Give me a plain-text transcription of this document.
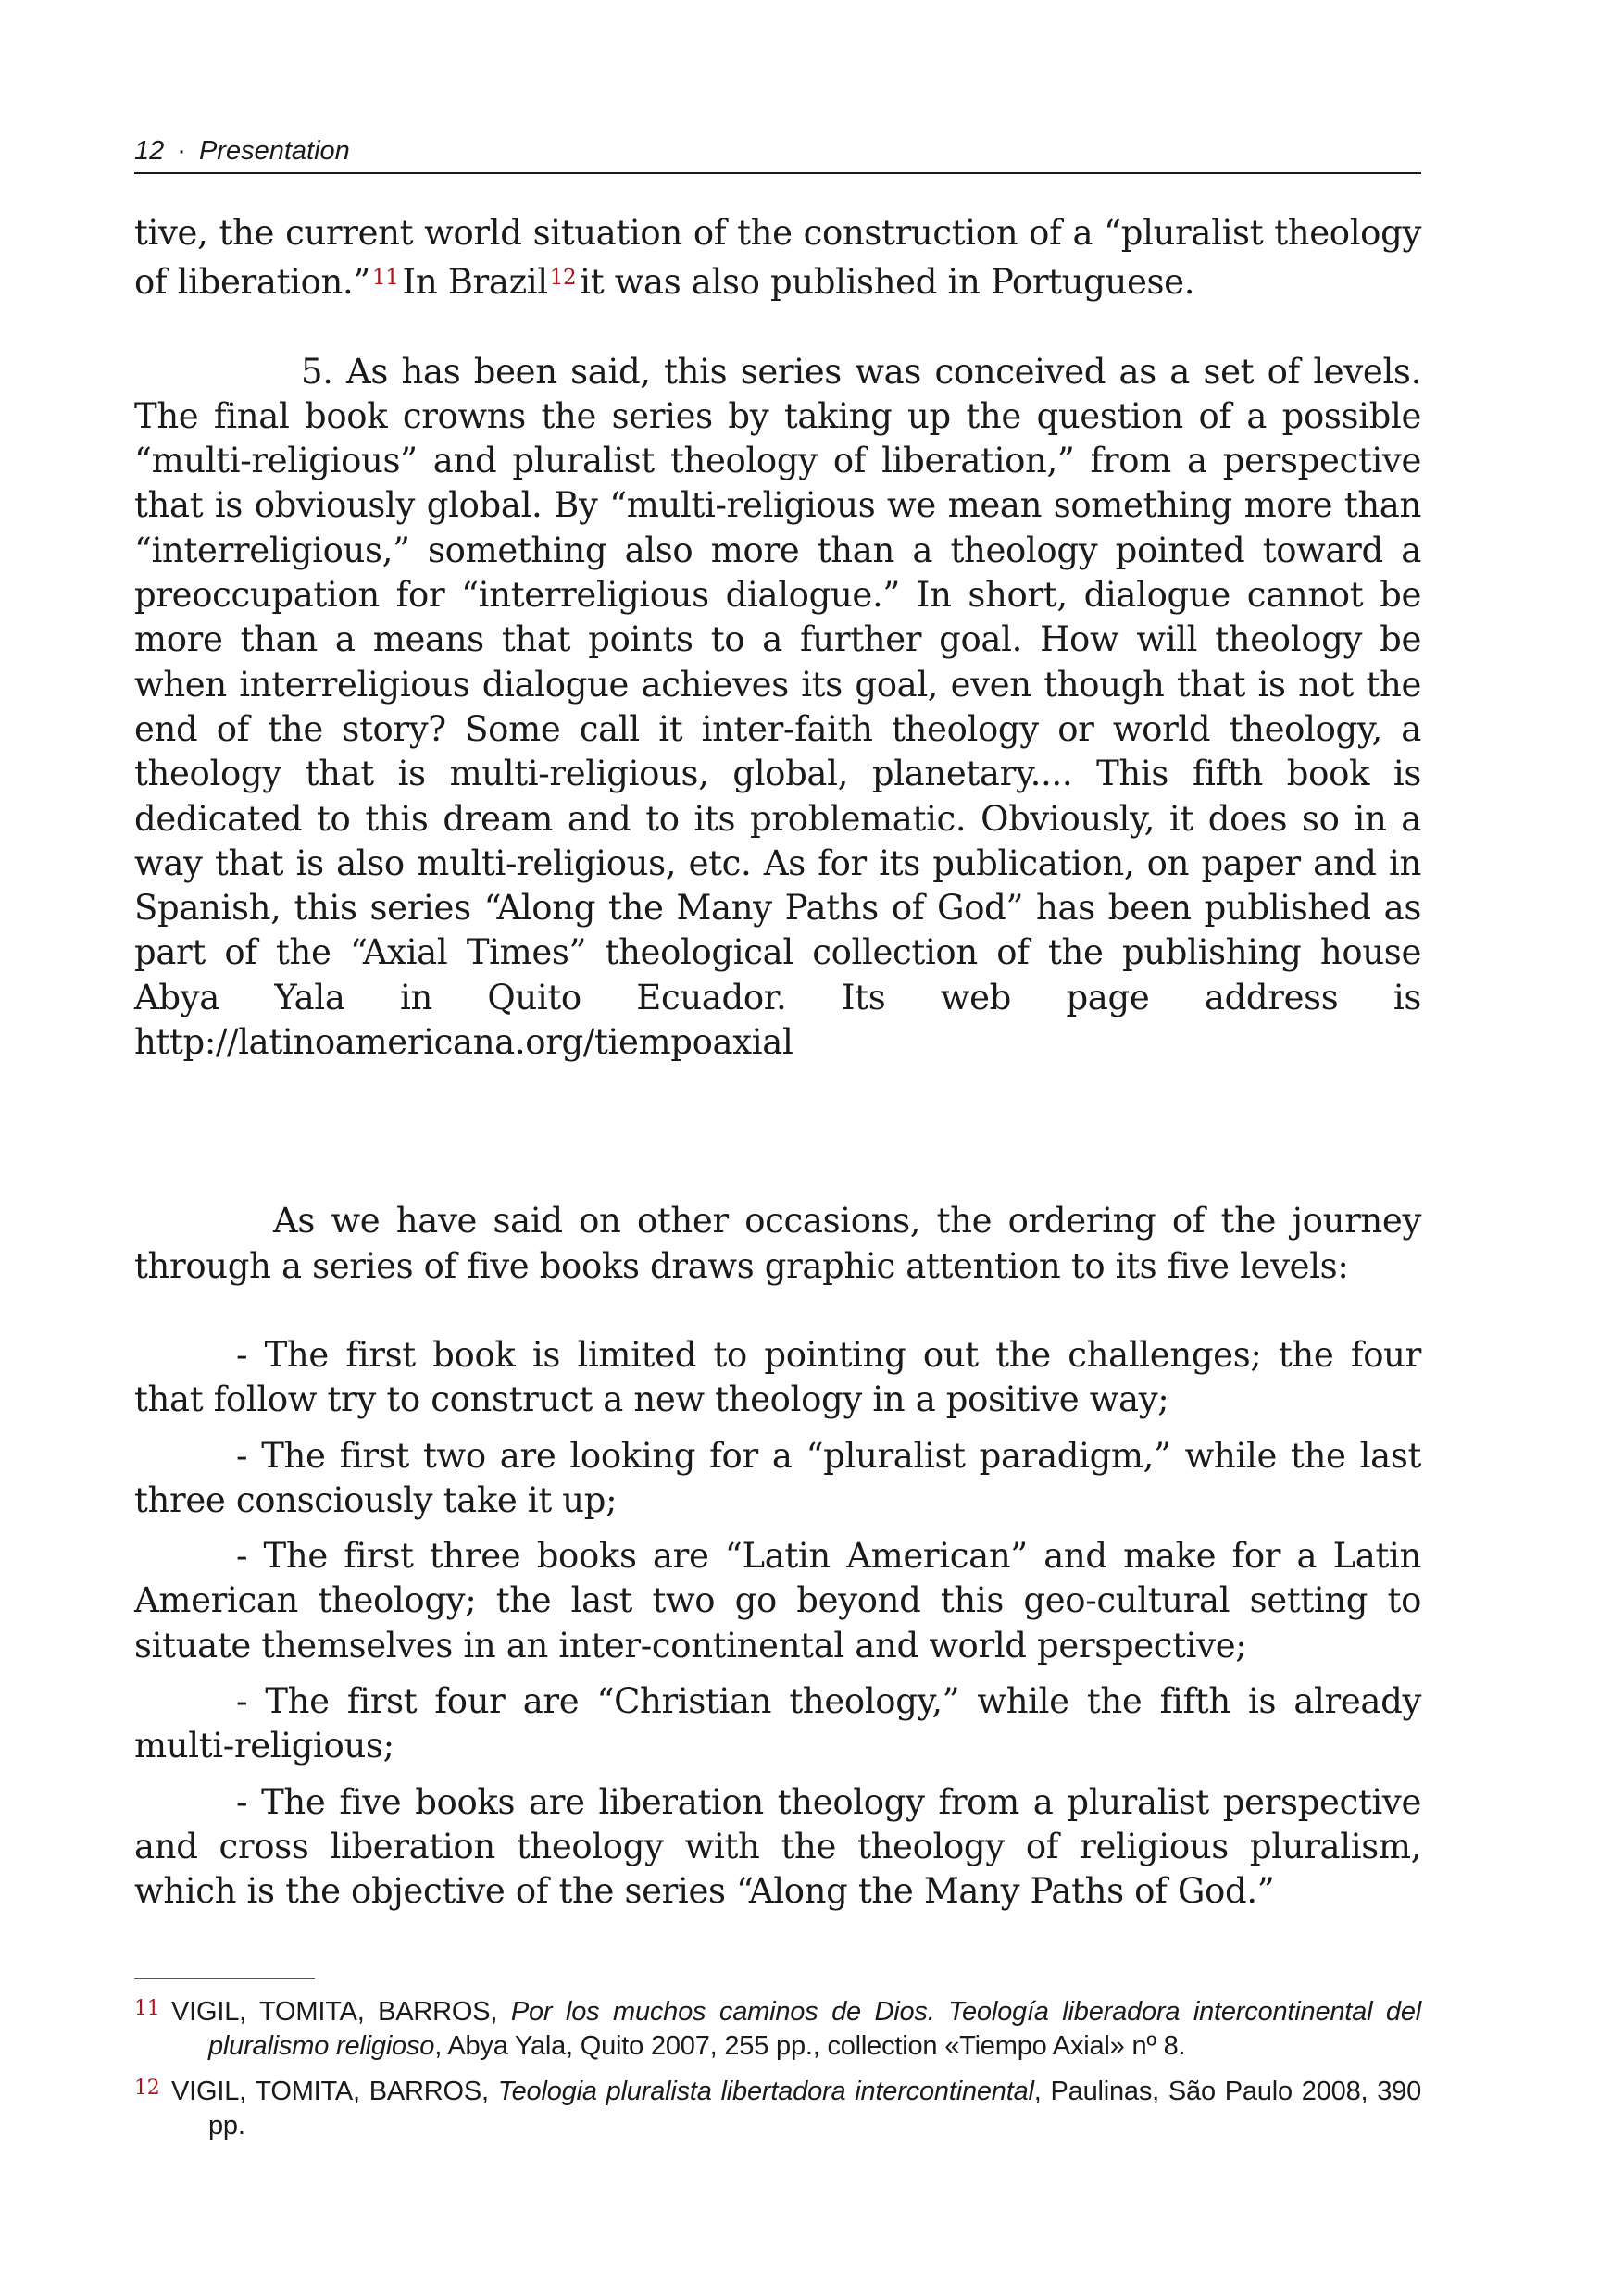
12 · Presentation

tive, the current world situation of the construction of a “pluralist theology of liberation.”$^{11}$ In Brazil$^{12}$ it was also published in Portuguese.

5. As has been said, this series was conceived as a set of levels. The final book crowns the series by taking up the question of a possible “multi-religious” and pluralist theology of liberation,” from a perspective that is obviously global. By “multi-religious we mean something more than “interreligious,” something also more than a theology pointed toward a preoccupation for “interreligious dialogue.” In short, dialogue cannot be more than a means that points to a further goal. How will theology be when interreligious dialogue achieves its goal, even though that is not the end of the story? Some call it inter-faith theology or world theology, a theology that is multi-religious, global, planetary.... This fifth book is dedicated to this dream and to its problematic. Obviously, it does so in a way that is also multi-religious, etc. As for its publication, on paper and in Spanish, this series “Along the Many Paths of God” has been published as part of the “Axial Times” theological collection of the publishing house Abya Yala in Quito Ecuador. Its web page address is http://latinoamericana.org/tiempoaxial

As we have said on other occasions, the ordering of the journey through a series of five books draws graphic attention to its five levels:

- The first book is limited to pointing out the challenges; the four that follow try to construct a new theology in a positive way;

- The first two are looking for a “pluralist paradigm,” while the last three consciously take it up;

- The first three books are “Latin American” and make for a Latin American theology; the last two go beyond this geo-cultural setting to situate themselves in an inter-continental and world perspective;

- The first four are “Christian theology,” while the fifth is already multi-religious;

- The five books are liberation theology from a pluralist perspective and cross liberation theology with the theology of religious pluralism, which is the objective of the series “Along the Many Paths of God.”

11 VIGIL, TOMITA, BARROS, Por los muchos caminos de Dios. Teología liberadora intercontinental del pluralismo religioso, Abya Yala, Quito 2007, 255 pp., collection «Tiempo Axial» nº 8.
12 VIGIL, TOMITA, BARROS, Teologia pluralista libertadora intercontinental, Paulinas, São Paulo 2008, 390 pp.
